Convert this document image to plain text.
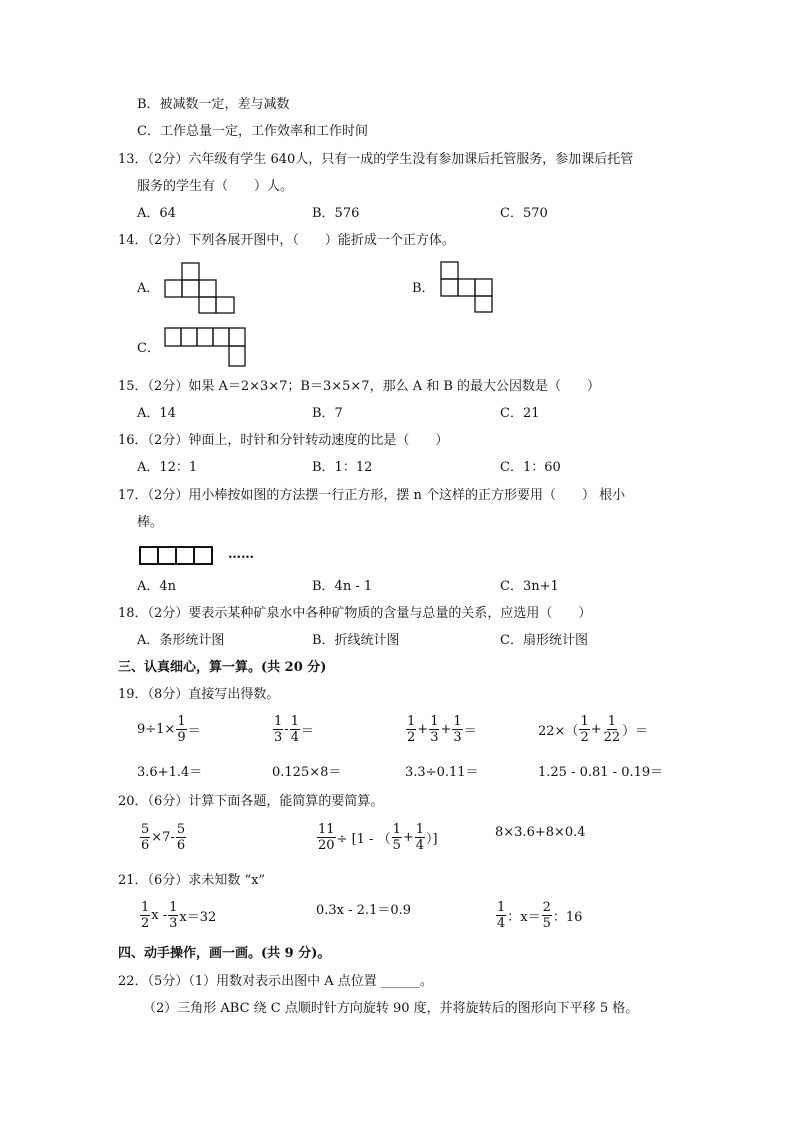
B．被减数一定，差与减数
C．工作总量一定，工作效率和工作时间
13．（2分）六年级有学生 640人，只有一成的学生没有参加课后托管服务，参加课后托管
服务的学生有（　　）人。
A．64	B．576	C．570
14．（2分）下列各展开图中，（　　）能折成一个正方体。
A．	B．
C．
15．（2分）如果 A＝2×3×7；B＝3×5×7，那么 A 和 B 的最大公因数是（　　）
A．14	B．7	C．21
16．（2分）钟面上，时针和分针转动速度的比是（　　）
A．12：1	B．1：12	C．1：60
17．（2分）用小棒按如图的方法摆一行正方形，摆 n 个这样的正方形要用（　　） 根小
棒。
……
A．4n	B．4n - 1	C．3n+1
18．（2分）要表示某种矿泉水中各种矿物质的含量与总量的关系，应选用（　　）
A．条形统计图	B．折线统计图	C．扇形统计图
三、认真细心，算一算。(共 20 分)
19．（8分）直接写出得数。
$9\div 1\times \frac{1}{9}$ ＝	$\frac{1}{3} - \frac{1}{4}$ ＝	$\frac{1}{2} + \frac{1}{3} + \frac{1}{3}$ ＝	$22\times( \frac{1}{2} + \frac{1}{22}$ ）＝
3.6+1.4＝	0.125×8＝	3.3÷0.11＝	1.25 - 0.81 - 0.19＝
20．（6分）计算下面各题，能简算的要简算。
$\frac{5}{6} \times 7- \frac{5}{6}$	$\frac{11}{20} \div [1$ - （ $\frac{1}{5} + \frac{1}{4}$ ）]	8×3.6+8×0.4
21．（6分）求未知数 “x”
$\frac{1}{2}$ $x - \frac{1}{3} x=32$	0.3x - 2.1＝0.9	$\frac{1}{4}$ ：$x= \frac{2}{5}$ ：16
四、动手操作，画一画。(共 9 分)。
22．（5分）（1）用数对表示出图中 A 点位置 ______。
（2）三角形 ABC 绕 C 点顺时针方向旋转 90 度，并将旋转后的图形向下平移 5 格。
